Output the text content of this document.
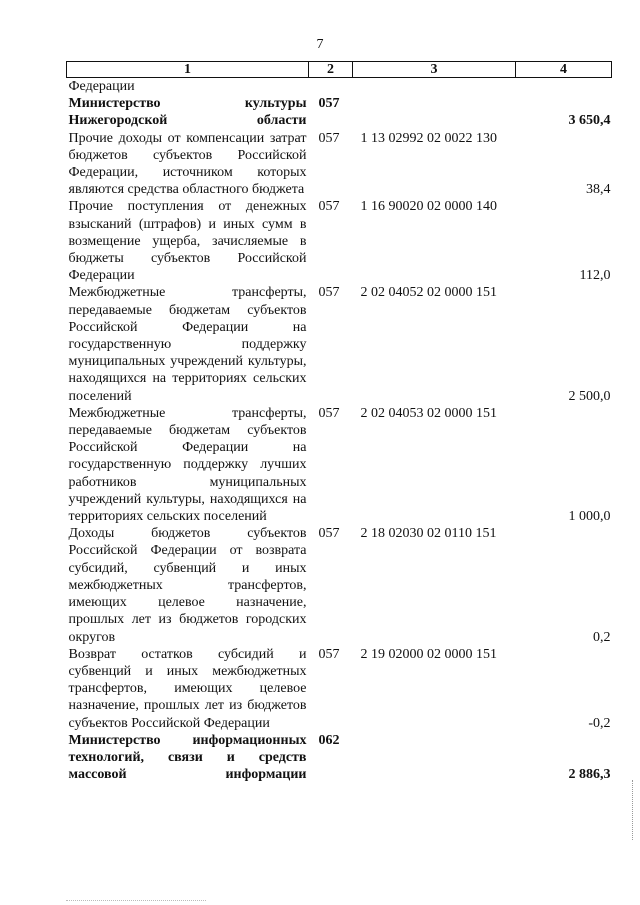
7
1	2	3	4
Федерации			
Министерство культуры Нижегородской области	057		3 650,4
Прочие доходы от компенсации затрат бюджетов субъектов Российской Федерации, источником которых являются средства областного бюджета	057	1 13 02992 02 0022 130	38,4
Прочие поступления от денежных взысканий (штрафов) и иных сумм в возмещение ущерба, зачисляемые в бюджеты субъектов Российской Федерации	057	1 16 90020 02 0000 140	112,0
Межбюджетные трансферты, передаваемые бюджетам субъектов Российской Федерации на государственную поддержку муниципальных учреждений культуры, находящихся на территориях сельских поселений	057	2 02 04052 02 0000 151	2 500,0
Межбюджетные трансферты, передаваемые бюджетам субъектов Российской Федерации на государственную поддержку лучших работников муниципальных учреждений культуры, находящихся на территориях сельских поселений	057	2 02 04053 02 0000 151	1 000,0
Доходы бюджетов субъектов Российской Федерации от возврата субсидий, субвенций и иных межбюджетных трансфертов, имеющих целевое назначение, прошлых лет из бюджетов городских округов	057	2 18 02030 02 0110 151	0,2
Возврат остатков субсидий и субвенций и иных межбюджетных трансфертов, имеющих целевое назначение, прошлых лет из бюджетов субъектов Российской Федерации	057	2 19 02000 02 0000 151	-0,2
Министерство информационных технологий, связи и средств массовой информации	062		2 886,3
